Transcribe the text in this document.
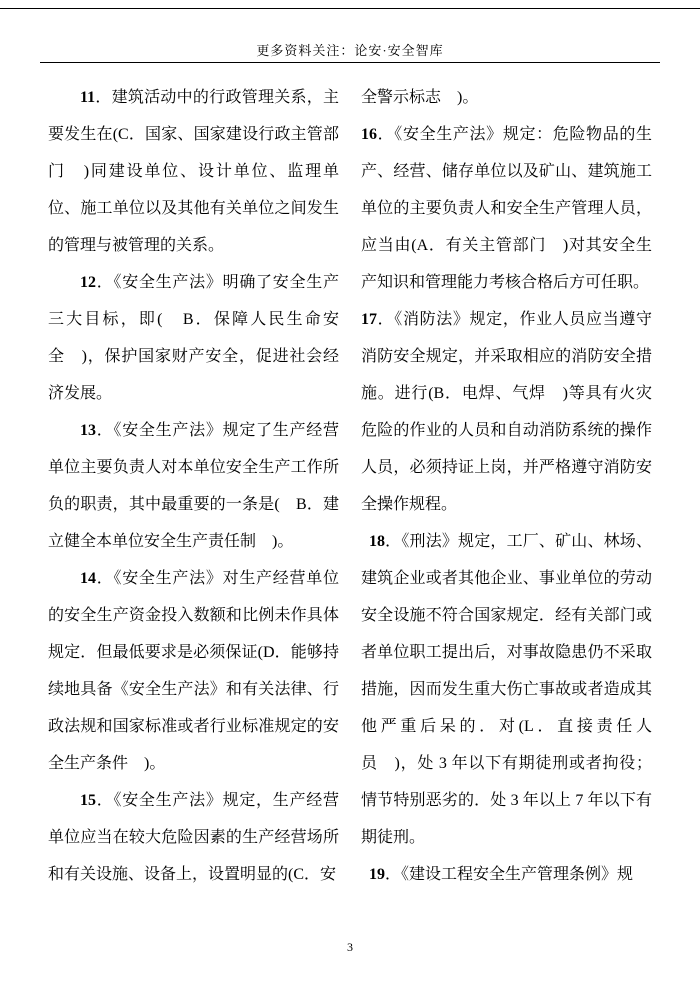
更多资料关注：论安·安全智库

11．建筑活动中的行政管理关系，主要发生在(C．国家、国家建设行政主管部门　)同建设单位、设计单位、监理单位、施工单位以及其他有关单位之间发生的管理与被管理的关系。

12．《安全生产法》明确了安全生产三大目标，即(　B．保障人民生命安全　)，保护国家财产安全，促进社会经济发展。

13．《安全生产法》规定了生产经营单位主要负责人对本单位安全生产工作所负的职责，其中最重要的一条是(　B．建立健全本单位安全生产责任制　)。

14．《安全生产法》对生产经营单位的安全生产资金投入数额和比例未作具体规定．但最低要求是必须保证(D．能够持续地具备《安全生产法》和有关法律、行政法规和国家标准或者行业标准规定的安全生产条件　)。

15．《安全生产法》规定，生产经营单位应当在较大危险因素的生产经营场所和有关设施、设备上，设置明显的(C．安

全警示标志　)。

16．《安全生产法》规定：危险物品的生产、经营、储存单位以及矿山、建筑施工单位的主要负责人和安全生产管理人员，应当由(A．有关主管部门　)对其安全生产知识和管理能力考核合格后方可任职。

17．《消防法》规定，作业人员应当遵守消防安全规定，并采取相应的消防安全措施。进行(B．电焊、气焊　)等具有火灾危险的作业的人员和自动消防系统的操作人员，必须持证上岗，并严格遵守消防安全操作规程。

18．《刑法》规定，工厂、矿山、林场、建筑企业或者其他企业、事业单位的劳动安全设施不符合国家规定．经有关部门或者单位职工提出后，对事故隐患仍不采取措施，因而发生重大伤亡事故或者造成其他严重后呆的．对(L．直接责任人员　)，处 3 年以下有期徒刑或者拘役；情节特别恶劣的．处 3 年以上 7 年以下有期徒刑。

19．《建设工程安全生产管理条例》规

3
